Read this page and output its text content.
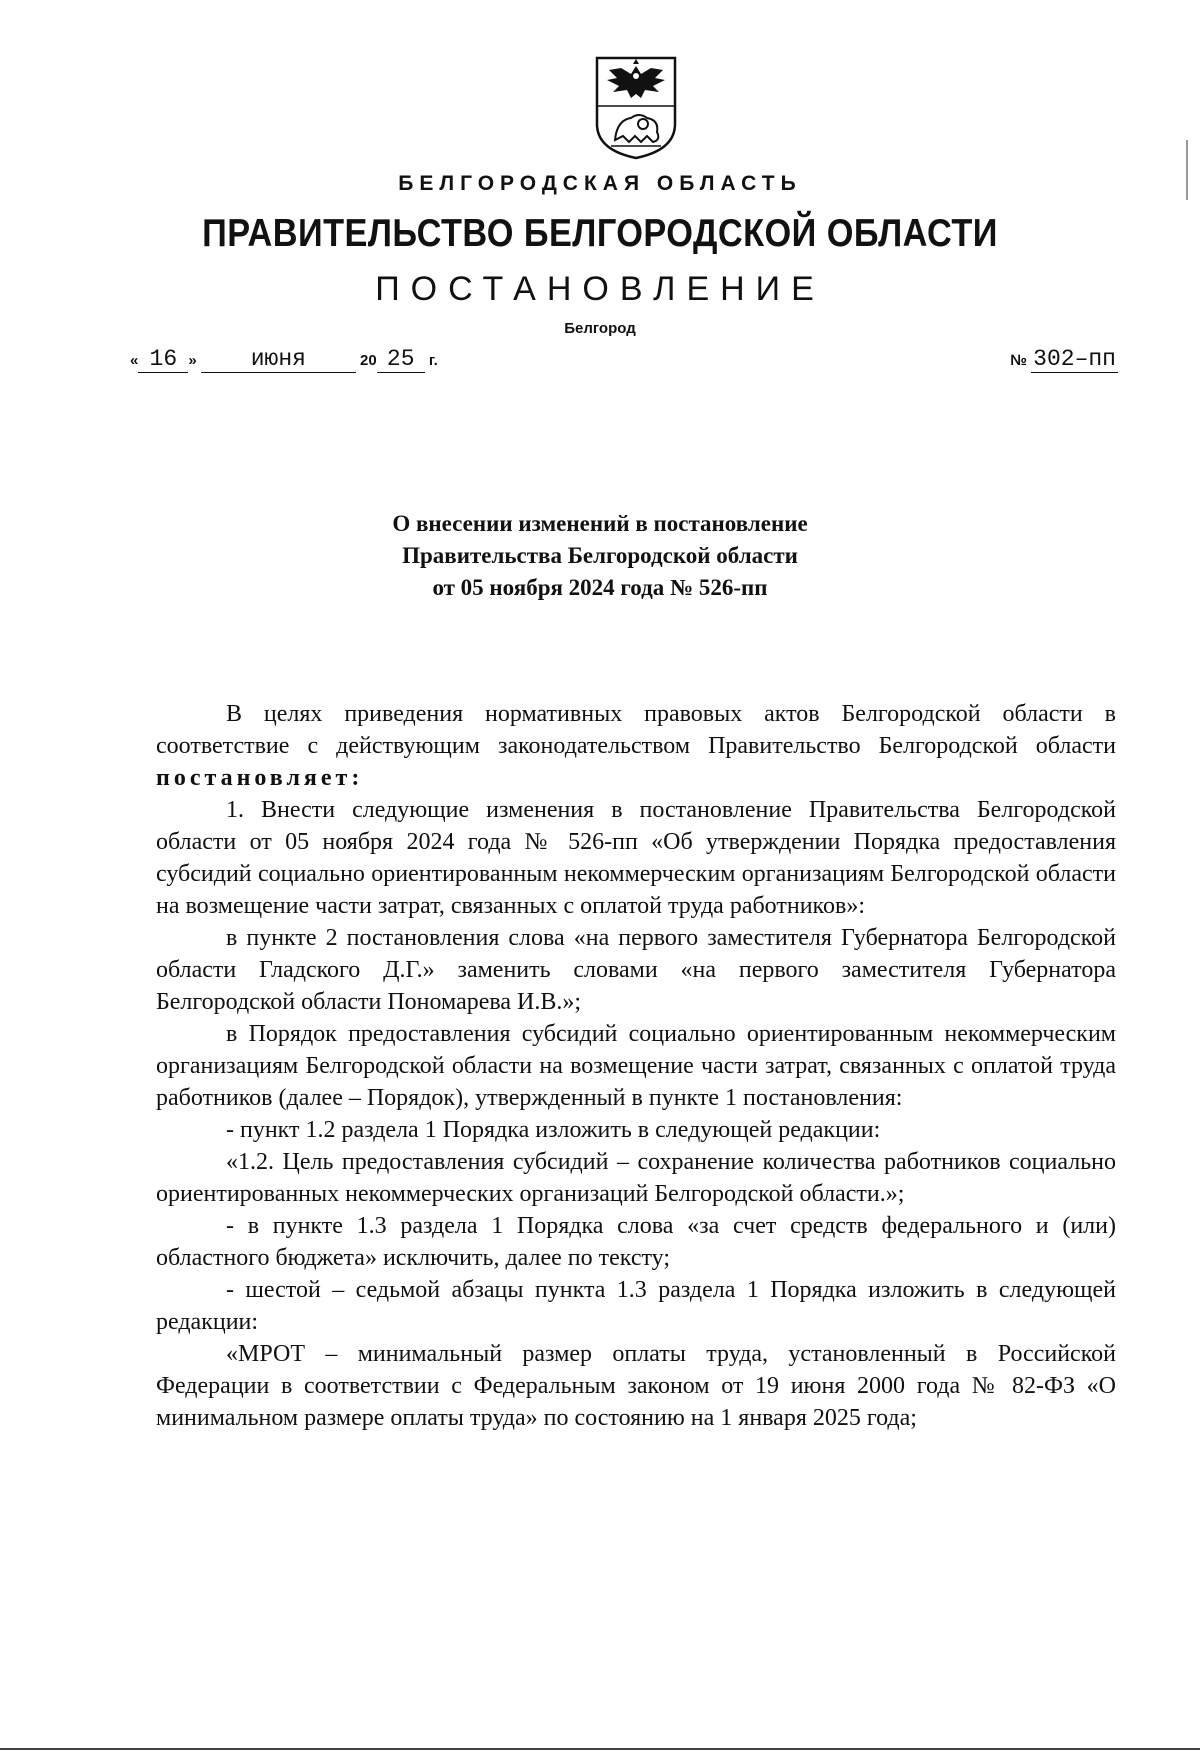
БЕЛГОРОДСКАЯ ОБЛАСТЬ
ПРАВИТЕЛЬСТВО БЕЛГОРОДСКОЙ ОБЛАСТИ
ПОСТАНОВЛЕНИЕ
Белгород
« 16 » июня	20 25 г.	№ 302–пп
О внесении изменений в постановление
Правительства Белгородской области
от 05 ноября 2024 года № 526-пп

В целях приведения нормативных правовых актов Белгородской области в соответствие с действующим законодательством Правительство Белгородской области постановляет:

1. Внести следующие изменения в постановление Правительства Белгородской области от 05 ноября 2024 года № 526-пп «Об утверждении Порядка предоставления субсидий социально ориентированным некоммерческим организациям Белгородской области на возмещение части затрат, связанных с оплатой труда работников»:

в пункте 2 постановления слова «на первого заместителя Губернатора Белгородской области Гладского Д.Г.» заменить словами «на первого заместителя Губернатора Белгородской области Пономарева И.В.»;

в Порядок предоставления субсидий социально ориентированным некоммерческим организациям Белгородской области на возмещение части затрат, связанных с оплатой труда работников (далее – Порядок), утвержденный в пункте 1 постановления:

- пункт 1.2 раздела 1 Порядка изложить в следующей редакции:

«1.2. Цель предоставления субсидий – сохранение количества работников социально ориентированных некоммерческих организаций Белгородской области.»;

- в пункте 1.3 раздела 1 Порядка слова «за счет средств федерального и (или) областного бюджета» исключить, далее по тексту;

- шестой – седьмой абзацы пункта 1.3 раздела 1 Порядка изложить в следующей редакции:

«МРОТ – минимальный размер оплаты труда, установленный в Российской Федерации в соответствии с Федеральным законом от 19 июня 2000 года № 82-ФЗ «О минимальном размере оплаты труда» по состоянию на 1 января 2025 года;
